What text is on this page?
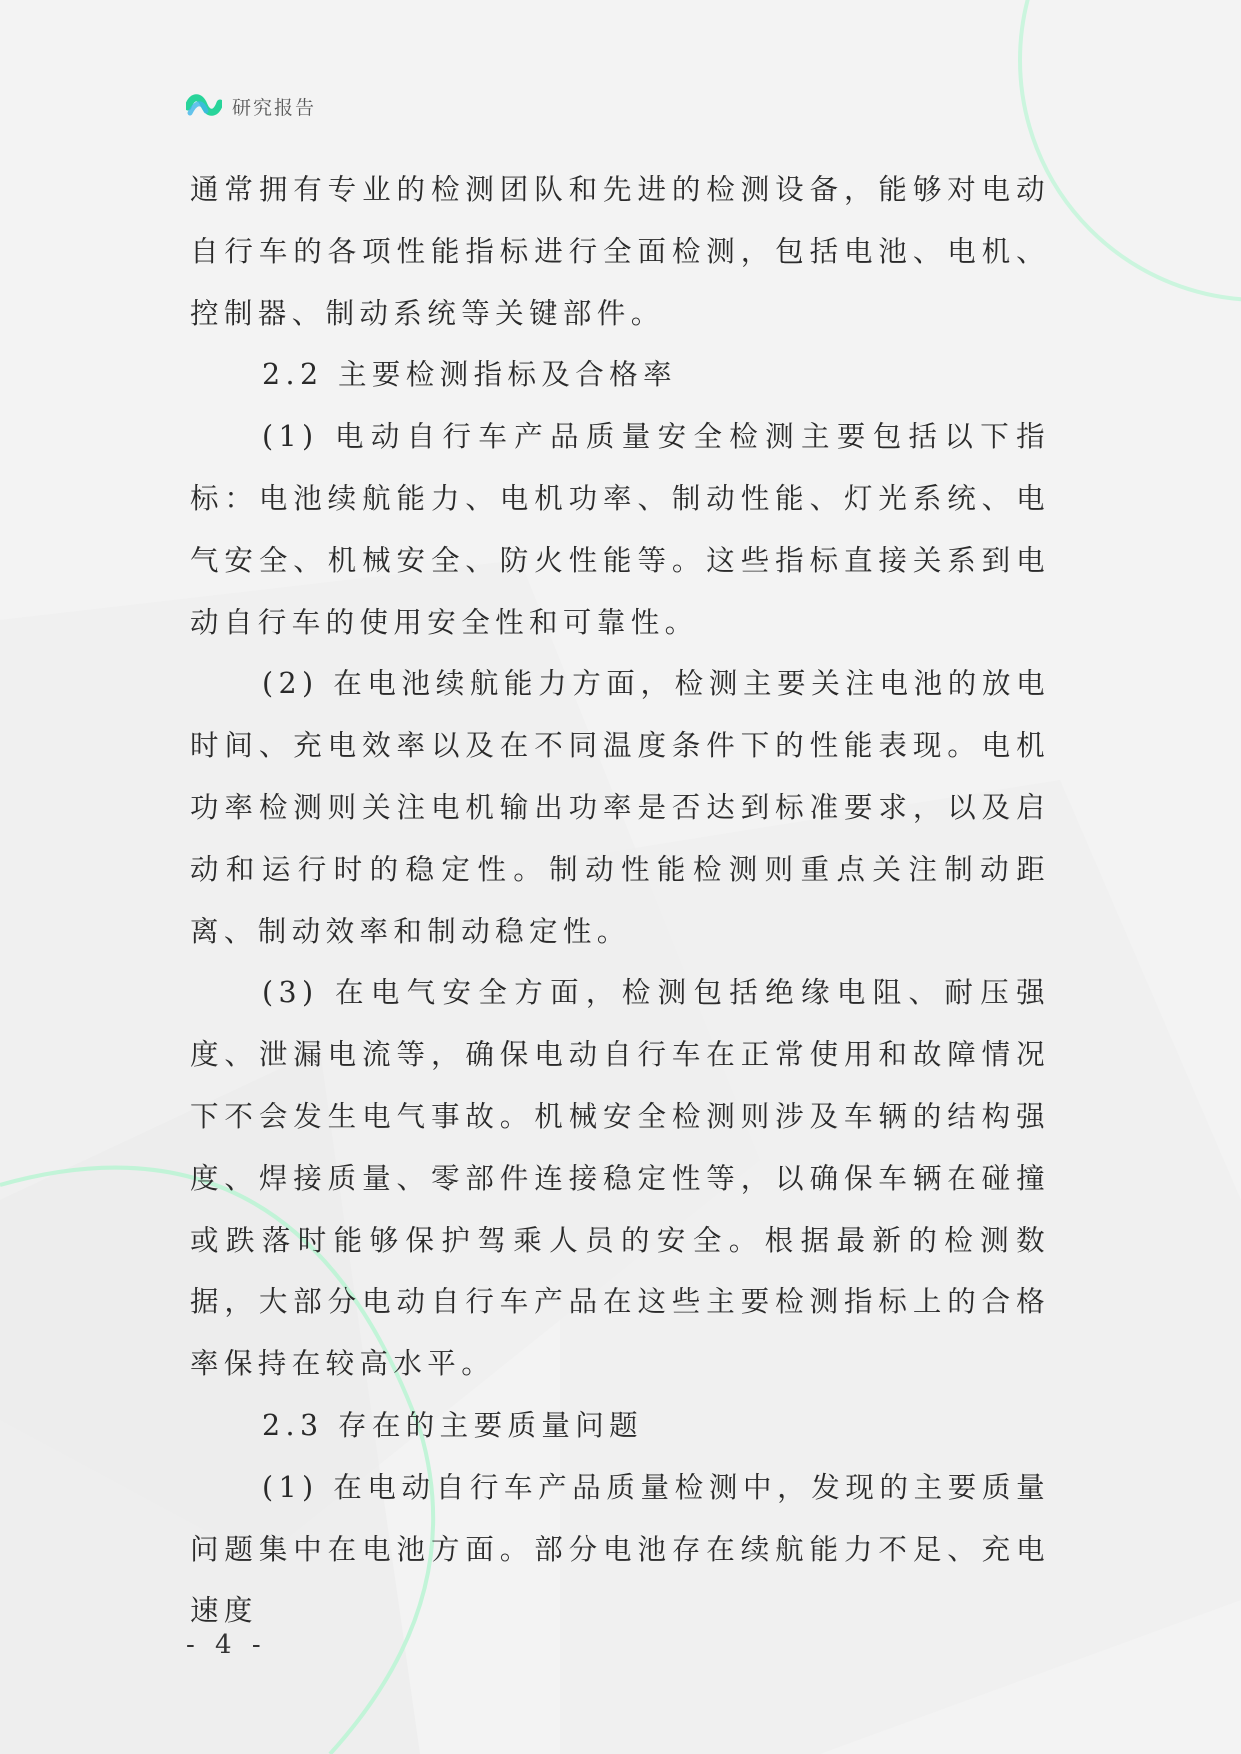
研究报告

通常拥有专业的检测团队和先进的检测设备，能够对电动自行车的各项性能指标进行全面检测，包括电池、电机、控制器、制动系统等关键部件。

2.2 主要检测指标及合格率

(1) 电动自行车产品质量安全检测主要包括以下指标：电池续航能力、电机功率、制动性能、灯光系统、电气安全、机械安全、防火性能等。这些指标直接关系到电动自行车的使用安全性和可靠性。

(2) 在电池续航能力方面，检测主要关注电池的放电时间、充电效率以及在不同温度条件下的性能表现。电机功率检测则关注电机输出功率是否达到标准要求，以及启动和运行时的稳定性。制动性能检测则重点关注制动距离、制动效率和制动稳定性。

(3) 在电气安全方面，检测包括绝缘电阻、耐压强度、泄漏电流等，确保电动自行车在正常使用和故障情况下不会发生电气事故。机械安全检测则涉及车辆的结构强度、焊接质量、零部件连接稳定性等，以确保车辆在碰撞或跌落时能够保护驾乘人员的安全。根据最新的检测数据，大部分电动自行车产品在这些主要检测指标上的合格率保持在较高水平。

2.3 存在的主要质量问题

(1) 在电动自行车产品质量检测中，发现的主要质量问题集中在电池方面。部分电池存在续航能力不足、充电速度

- 4 -
